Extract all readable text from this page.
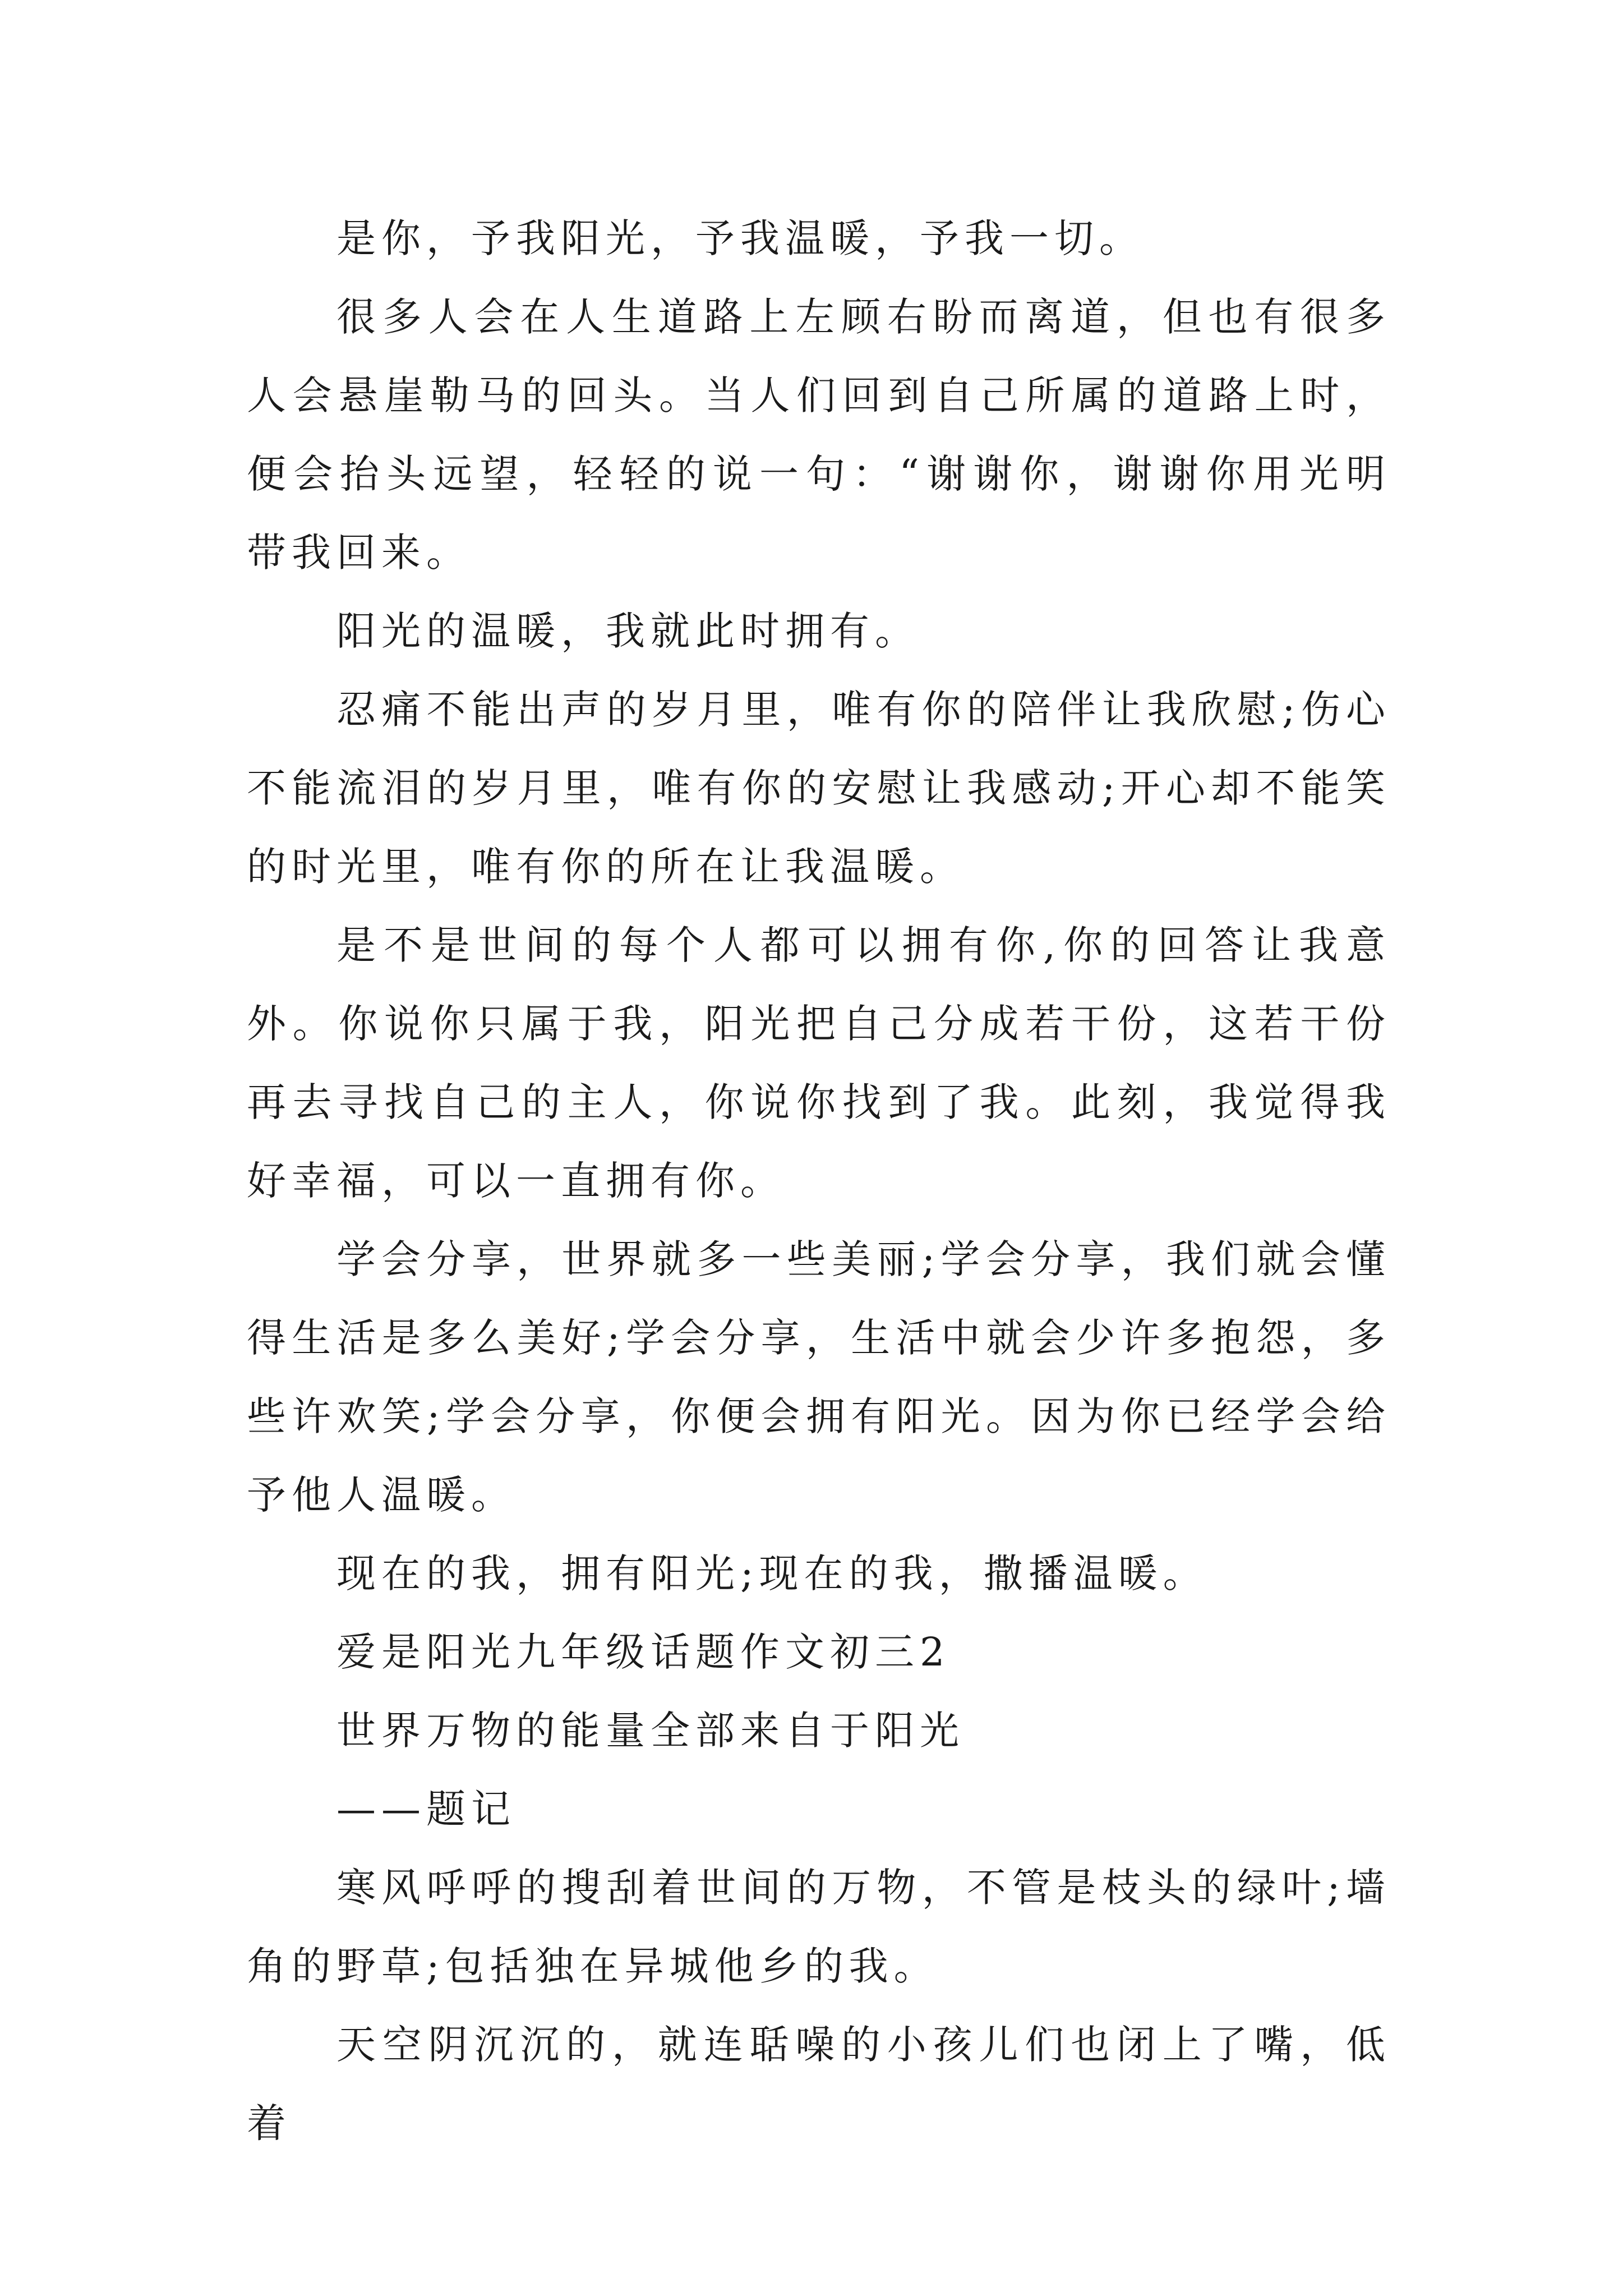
是你，予我阳光，予我温暖，予我一切。

很多人会在人生道路上左顾右盼而离道，但也有很多人会悬崖勒马的回头。当人们回到自己所属的道路上时，便会抬头远望，轻轻的说一句：“谢谢你，谢谢你用光明带我回来。

阳光的温暖，我就此时拥有。

忍痛不能出声的岁月里，唯有你的陪伴让我欣慰;伤心不能流泪的岁月里，唯有你的安慰让我感动;开心却不能笑的时光里，唯有你的所在让我温暖。

是不是世间的每个人都可以拥有你,你的回答让我意外。你说你只属于我，阳光把自己分成若干份，这若干份再去寻找自己的主人，你说你找到了我。此刻，我觉得我好幸福，可以一直拥有你。

学会分享，世界就多一些美丽;学会分享，我们就会懂得生活是多么美好;学会分享，生活中就会少许多抱怨，多些许欢笑;学会分享，你便会拥有阳光。因为你已经学会给予他人温暖。

现在的我，拥有阳光;现在的我，撒播温暖。

爱是阳光九年级话题作文初三2

世界万物的能量全部来自于阳光

——题记

寒风呼呼的搜刮着世间的万物，不管是枝头的绿叶;墙角的野草;包括独在异城他乡的我。

天空阴沉沉的，就连聒噪的小孩儿们也闭上了嘴，低着
